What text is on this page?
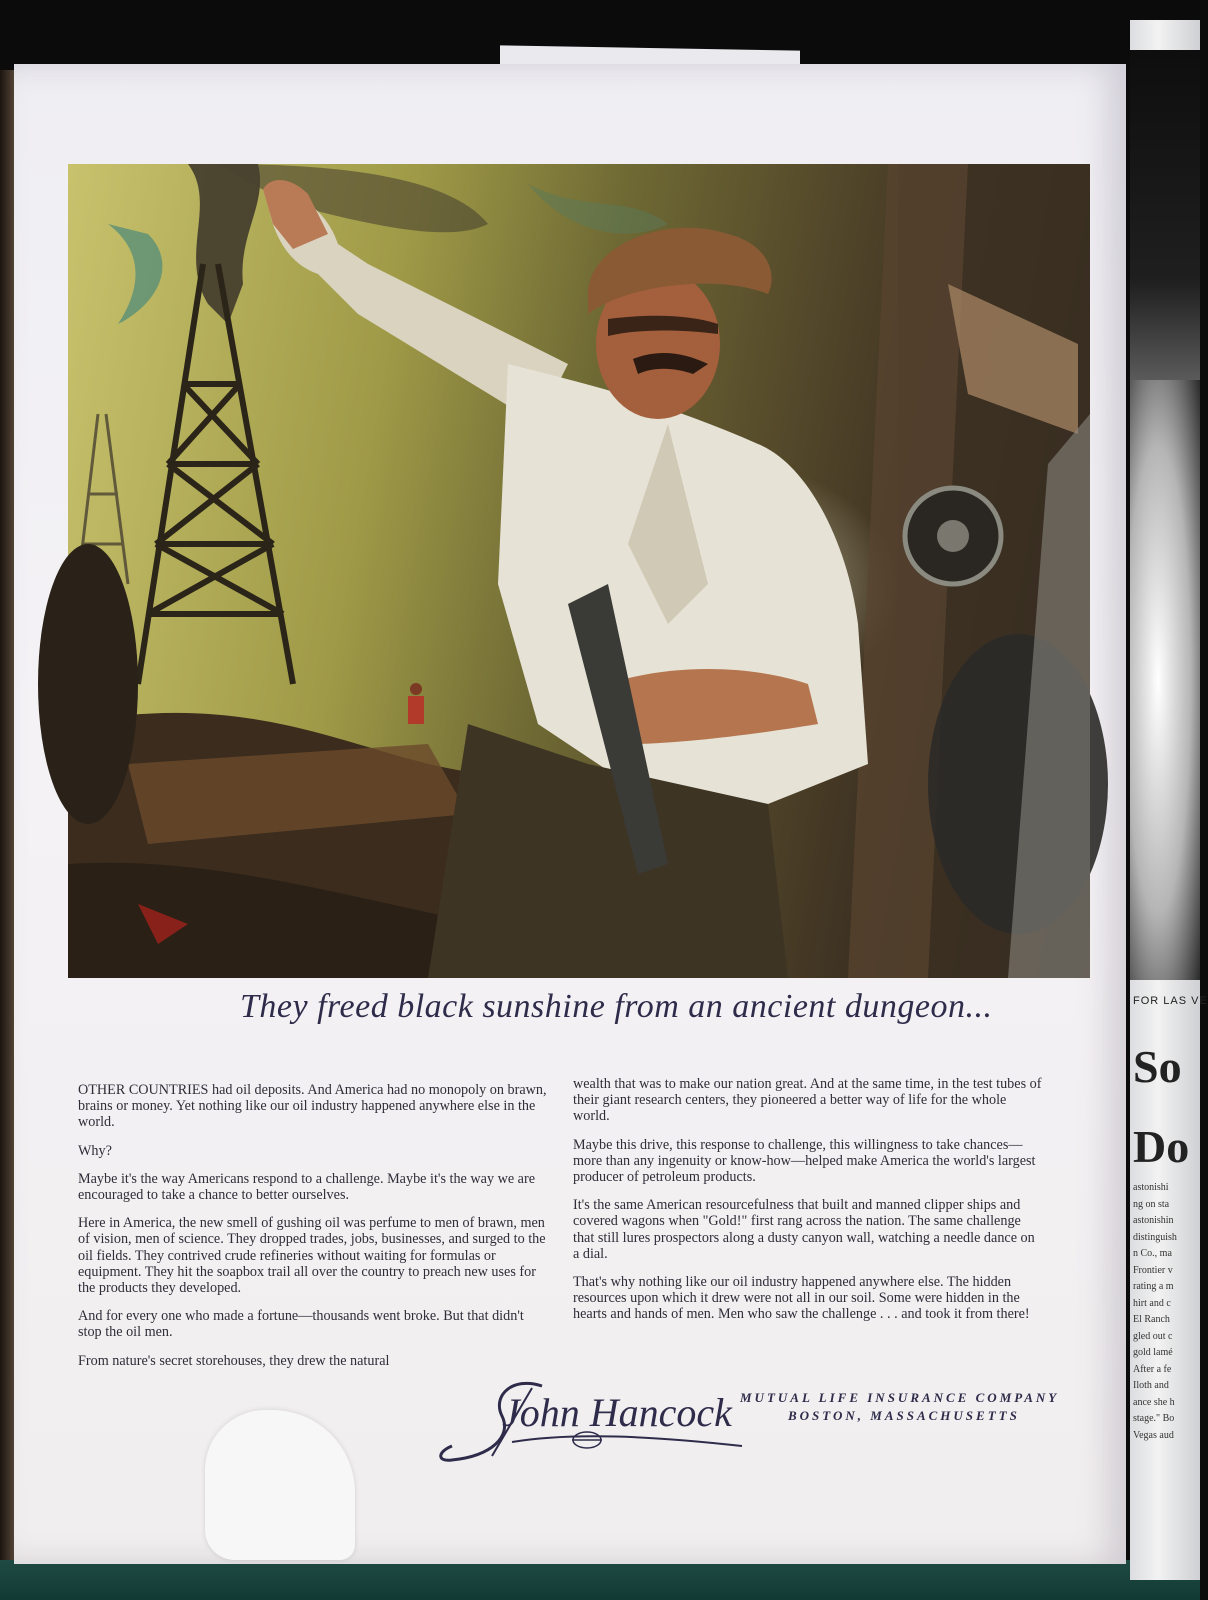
They freed black sunshine from an ancient dungeon...

OTHER COUNTRIES had oil deposits. And America had no monopoly on brawn, brains or money. Yet nothing like our oil industry happened anywhere else in the world.

Why?

Maybe it's the way Americans respond to a challenge. Maybe it's the way we are encouraged to take a chance to better ourselves.

Here in America, the new smell of gushing oil was perfume to men of brawn, men of vision, men of science. They dropped trades, jobs, businesses, and surged to the oil fields. They contrived crude refineries without waiting for formulas or equipment. They hit the soapbox trail all over the country to preach new uses for the products they developed.

And for every one who made a fortune—thousands went broke. But that didn't stop the oil men.

From nature's secret storehouses, they drew the natural

wealth that was to make our nation great. And at the same time, in the test tubes of their giant research centers, they pioneered a better way of life for the whole world.

Maybe this drive, this response to challenge, this willingness to take chances—more than any ingenuity or know-how—helped make America the world's largest producer of petroleum products.

It's the same American resourcefulness that built and manned clipper ships and covered wagons when "Gold!" first rang across the nation. The same challenge that still lures prospectors along a dusty canyon wall, watching a needle dance on a dial.

That's why nothing like our oil industry happened anywhere else. The hidden resources upon which it drew were not all in our soil. Some were hidden in the hearts and hands of men. Men who saw the challenge . . . and took it from there!

John Hancock MUTUAL LIFE INSURANCE COMPANY
BOSTON, MASSACHUSETTS
FOR LAS VE
So
Do
astonishi
ng on sta
astonishin
distinguish
n Co., ma
Frontier v
rating a m
hirt and c
El Ranch
gled out c
gold lamé
After a fe
Iloth and
ance she h
stage." Bo
Vegas aud
